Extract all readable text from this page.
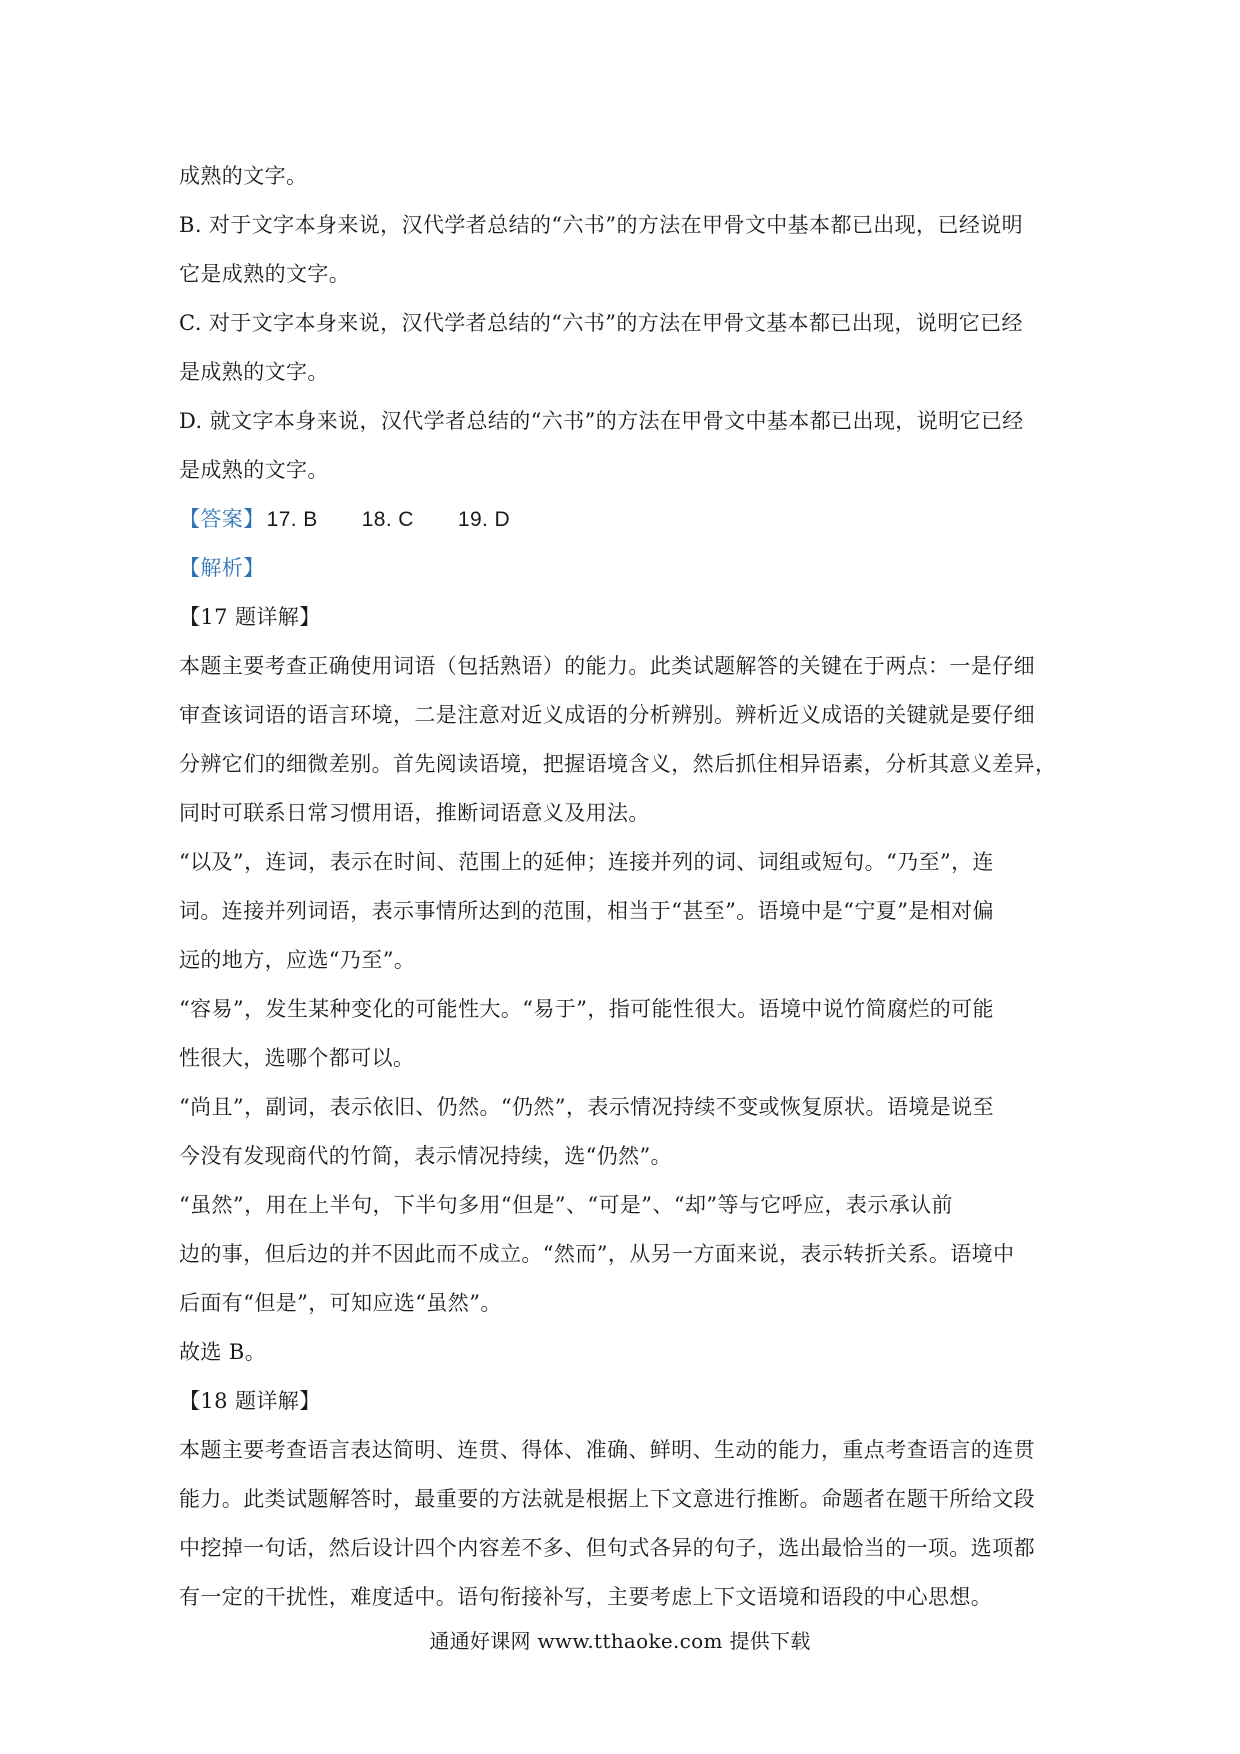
成熟的文字。
B. 对于文字本身来说，汉代学者总结的“六书”的方法在甲骨文中基本都已出现，已经说明
它是成熟的文字。
C. 对于文字本身来说，汉代学者总结的“六书”的方法在甲骨文基本都已出现，说明它已经
是成熟的文字。
D. 就文字本身来说，汉代学者总结的“六书”的方法在甲骨文中基本都已出现，说明它已经
是成熟的文字。
【答案】 17. B 18. C 19. D
【解析】
【17 题详解】
本题主要考查正确使用词语（包括熟语）的能力。此类试题解答的关键在于两点：一是仔细
审查该词语的语言环境，二是注意对近义成语的分析辨别。辨析近义成语的关键就是要仔细
分辨它们的细微差别。首先阅读语境，把握语境含义，然后抓住相异语素，分析其意义差异，
同时可联系日常习惯用语，推断词语意义及用法。
“以及”，连词，表示在时间、范围上的延伸；连接并列的词、词组或短句。“乃至”，连
词。连接并列词语，表示事情所达到的范围，相当于“甚至”。语境中是“宁夏”是相对偏
远的地方，应选“乃至”。
“容易”，发生某种变化的可能性大。“易于”，指可能性很大。语境中说竹简腐烂的可能
性很大，选哪个都可以。
“尚且”，副词，表示依旧、仍然。“仍然”，表示情况持续不变或恢复原状。语境是说至
今没有发现商代的竹简，表示情况持续，选“仍然”。
“虽然”，用在上半句，下半句多用“但是”、“可是”、“却”等与它呼应，表示承认前
边的事，但后边的并不因此而不成立。“然而”，从另一方面来说，表示转折关系。语境中
后面有“但是”，可知应选“虽然”。
故选 B。
【18 题详解】
本题主要考查语言表达简明、连贯、得体、准确、鲜明、生动的能力，重点考查语言的连贯
能力。此类试题解答时，最重要的方法就是根据上下文意进行推断。命题者在题干所给文段
中挖掉一句话，然后设计四个内容差不多、但句式各异的句子，选出最恰当的一项。选项都
有一定的干扰性，难度适中。语句衔接补写，主要考虑上下文语境和语段的中心思想。
通通好课网 www.tthaoke.com 提供下载
